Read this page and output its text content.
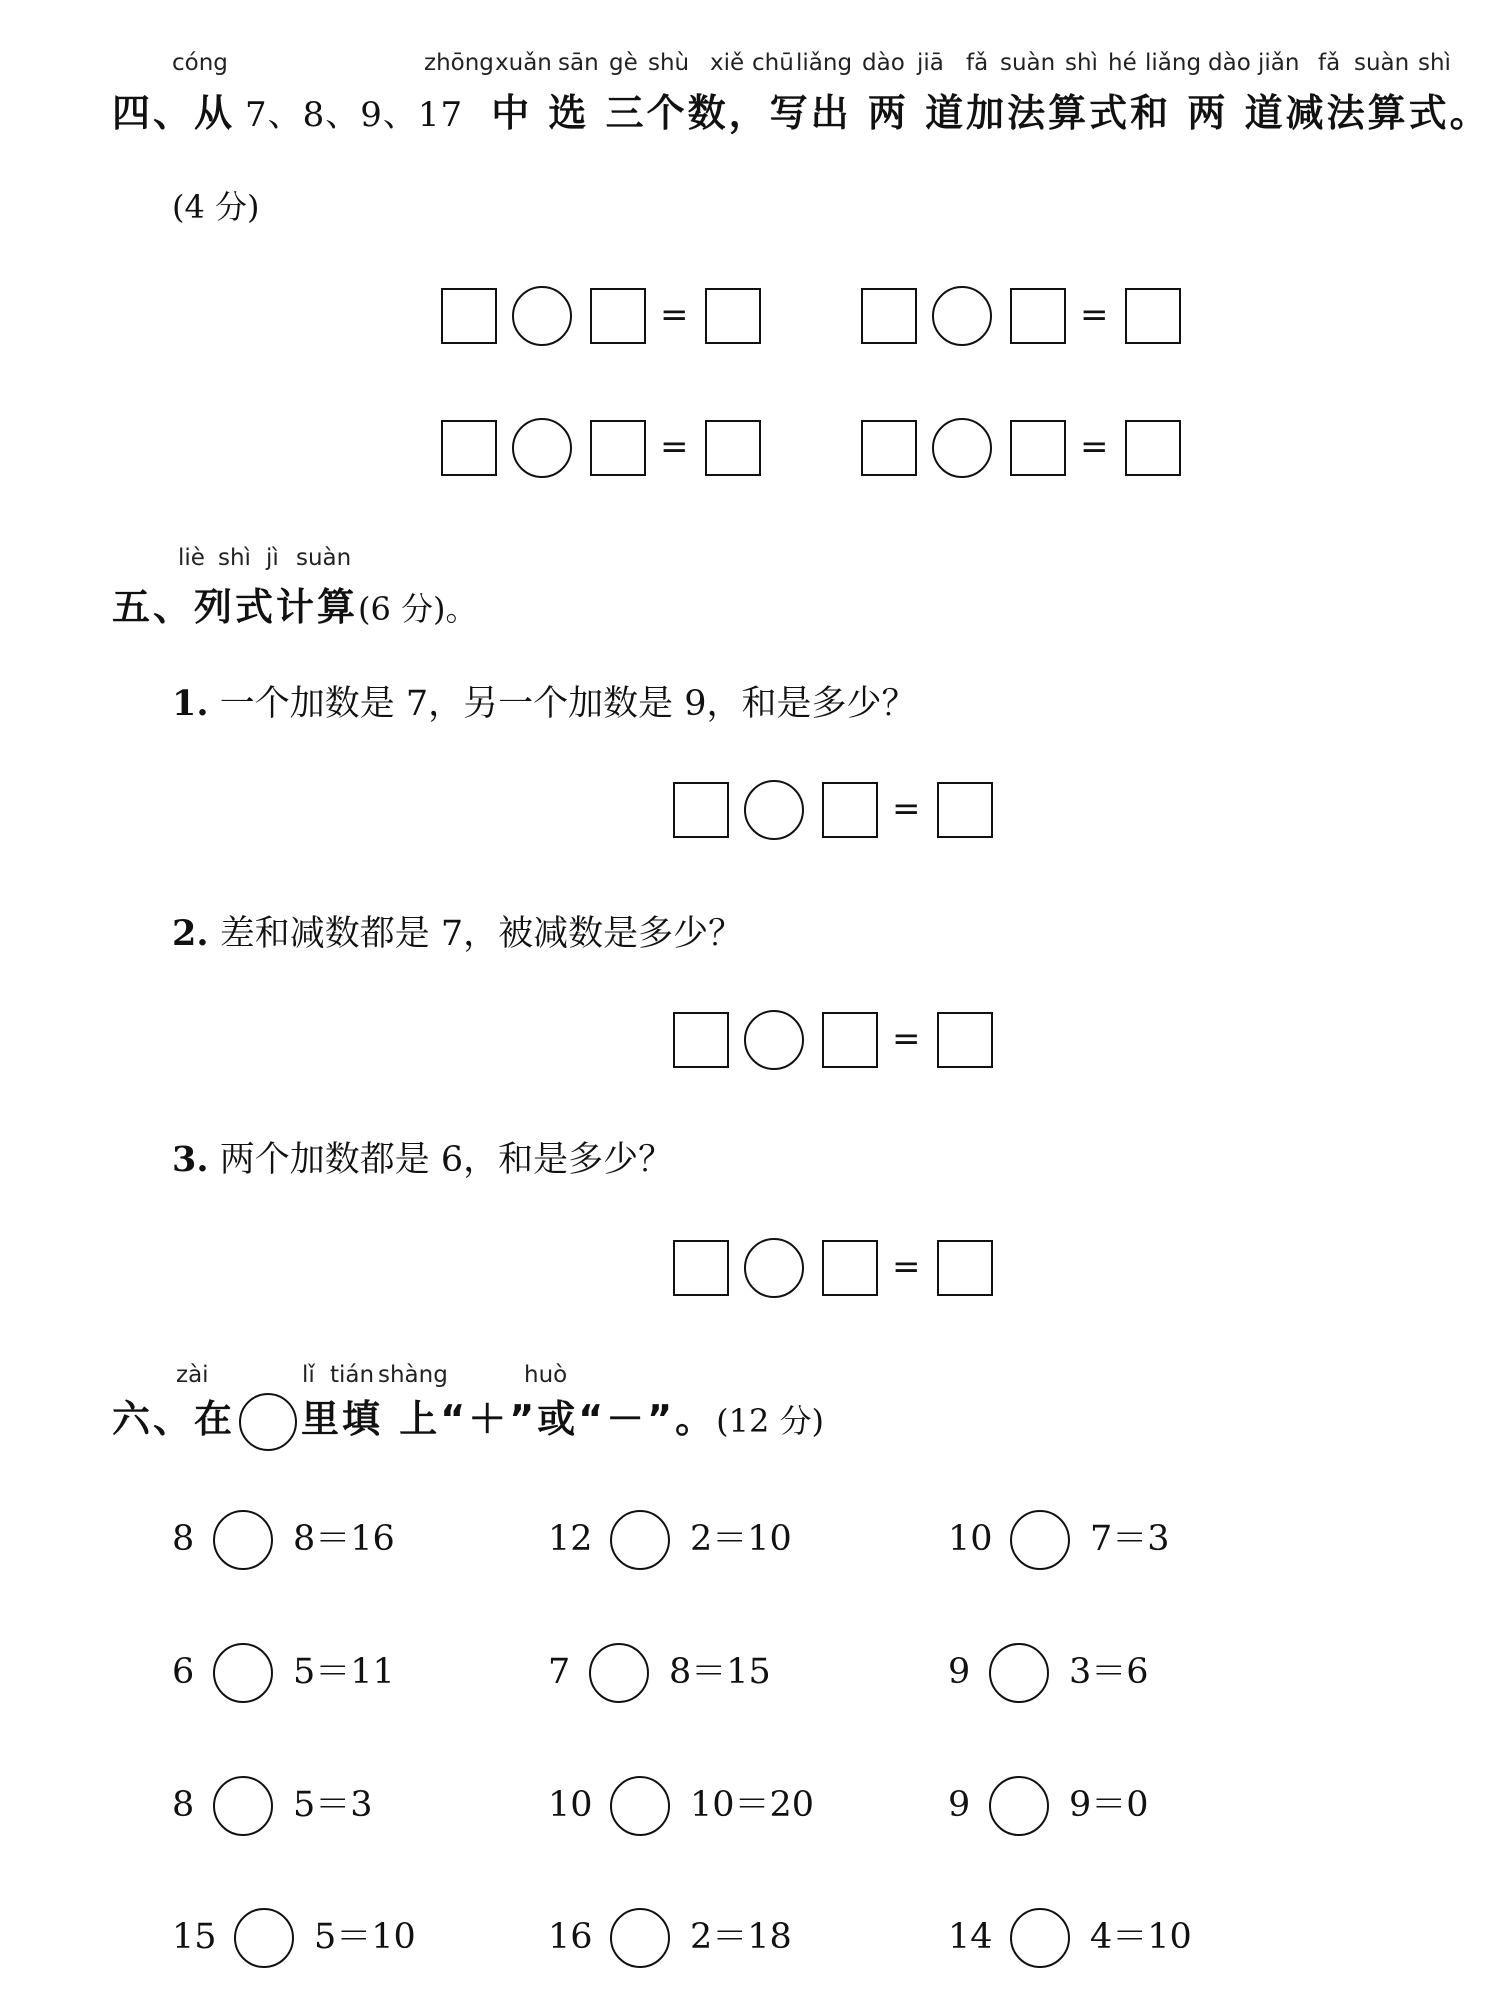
cóng	zhōng xuǎn sān gè shù xiě chū liǎng dào jiā fǎ suàn shì hé liǎng dào jiǎn fǎ suàn shì
四、从 7、8、9、17 中 选 三个数，写出 两 道加法算式和 两 道减法算式。
(4 分)
=	=
=	=
liè shì jì suàn
五、列式计算(6 分)。
1. 一个加数是 7，另一个加数是 9，和是多少？
=
2. 差和减数都是 7，被减数是多少？
=
3. 两个加数都是 6，和是多少？
=
zài	lǐ tián shàng	huò
六、在 里填 上“＋”或“－”。(12 分)
8	8＝16	12	2＝10	10	7＝3
6	5＝11	7	8＝15	9	3＝6
8	5＝3	10	10＝20	9	9＝0
15	5＝10	16	2＝18	14	4＝10
